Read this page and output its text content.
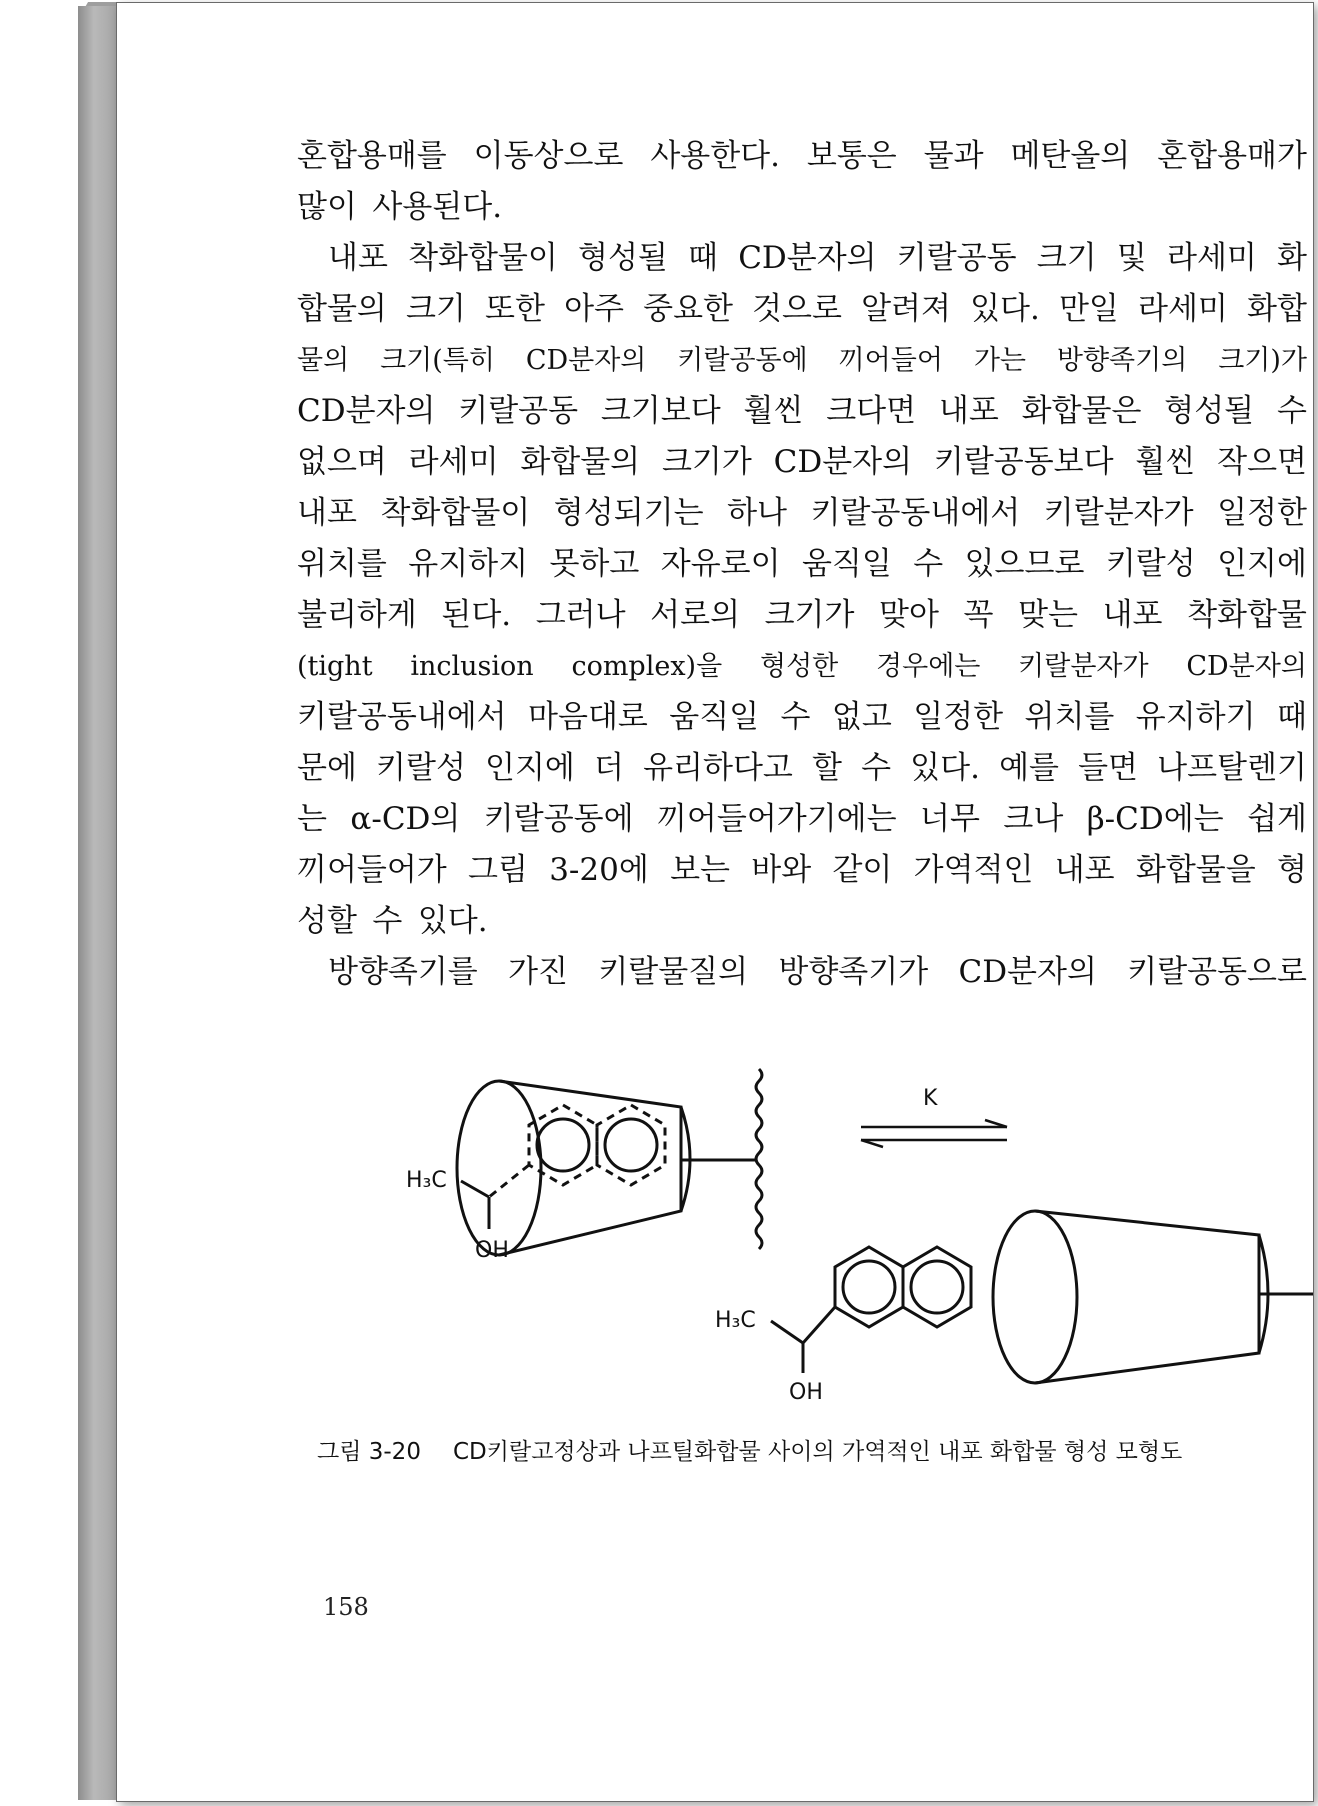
혼합용매를 이동상으로 사용한다. 보통은 물과 메탄올의 혼합용매가
많이 사용된다.
내포 착화합물이 형성될 때 CD분자의 키랄공동 크기 및 라세미 화
합물의 크기 또한 아주 중요한 것으로 알려져 있다. 만일 라세미 화합
물의 크기(특히 CD분자의 키랄공동에 끼어들어 가는 방향족기의 크기)가
CD분자의 키랄공동 크기보다 훨씬 크다면 내포 화합물은 형성될 수
없으며 라세미 화합물의 크기가 CD분자의 키랄공동보다 훨씬 작으면
내포 착화합물이 형성되기는 하나 키랄공동내에서 키랄분자가 일정한
위치를 유지하지 못하고 자유로이 움직일 수 있으므로 키랄성 인지에
불리하게 된다. 그러나 서로의 크기가 맞아 꼭 맞는 내포 착화합물
(tight inclusion complex)을 형성한 경우에는 키랄분자가 CD분자의
키랄공동내에서 마음대로 움직일 수 없고 일정한 위치를 유지하기 때
문에 키랄성 인지에 더 유리하다고 할 수 있다. 예를 들면 나프탈렌기
는 α-CD의 키랄공동에 끼어들어가기에는 너무 크나 β-CD에는 쉽게
끼어들어가 그림 3-20에 보는 바와 같이 가역적인 내포 화합물을 형
성할 수 있다.
방향족기를 가진 키랄물질의 방향족기가 CD분자의 키랄공동으로
H₃C
OH
K
H₃C
OH
그림 3-20 CD키랄고정상과 나프틸화합물 사이의 가역적인 내포 화합물 형성 모형도
158
